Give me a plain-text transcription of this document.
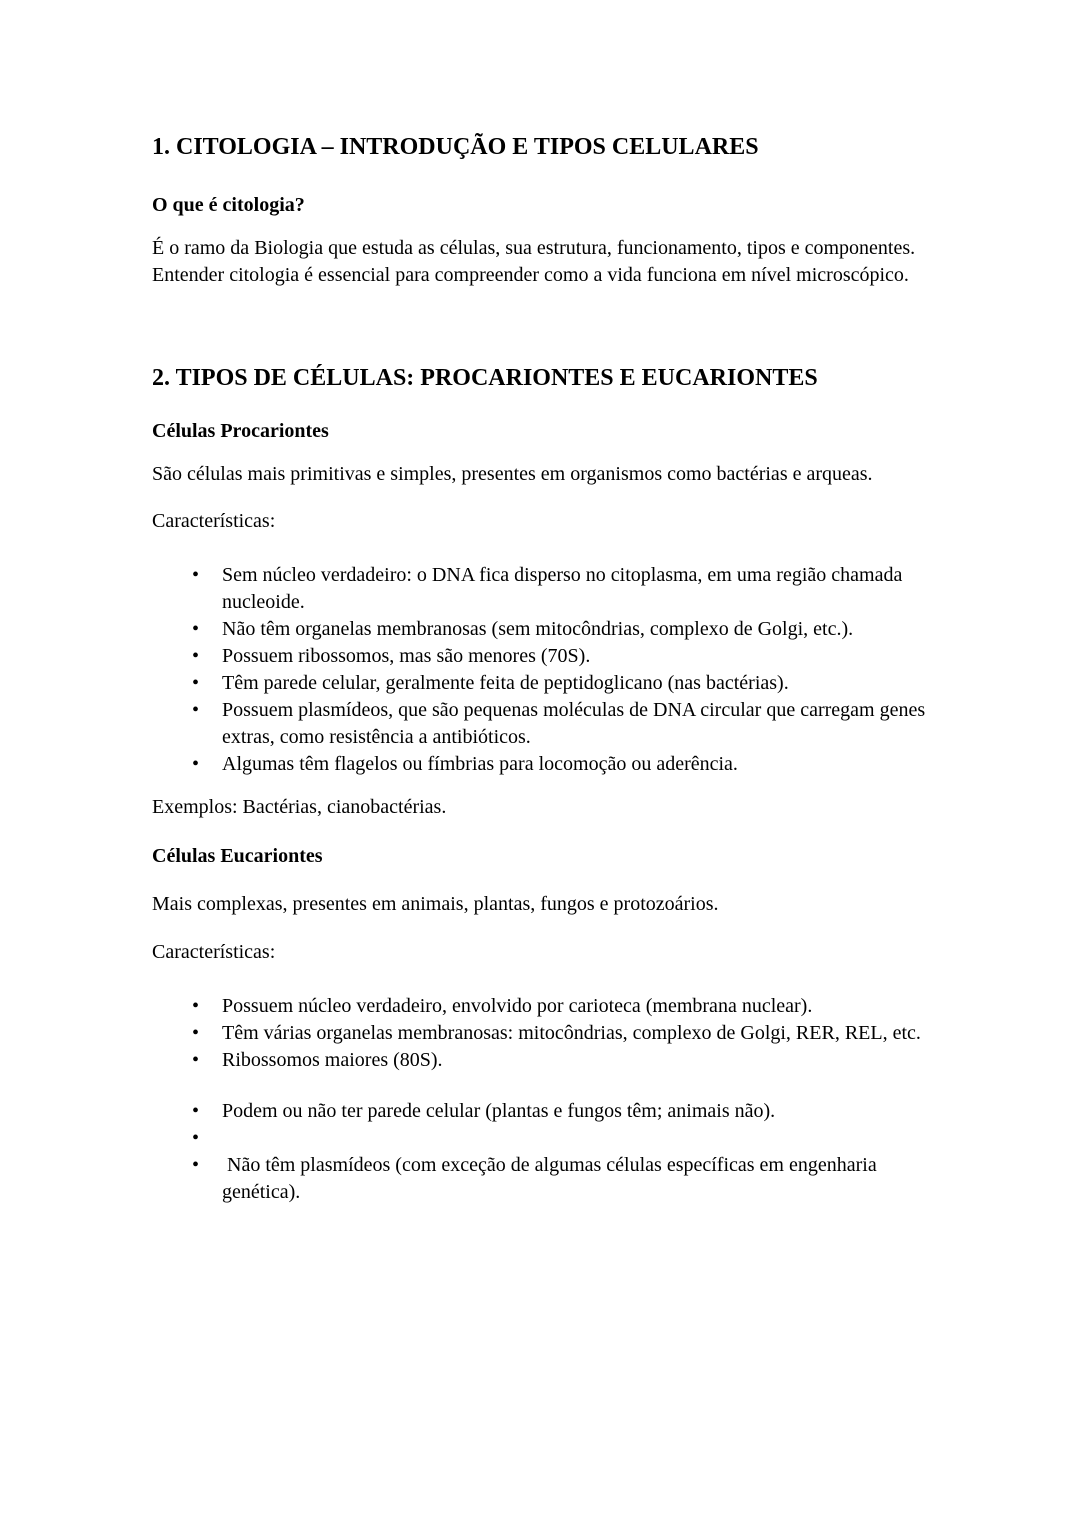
1. CITOLOGIA – INTRODUÇÃO E TIPOS CELULARES
O que é citologia?

É o ramo da Biologia que estuda as células, sua estrutura, funcionamento, tipos e componentes. Entender citologia é essencial para compreender como a vida funciona em nível microscópico.

2. TIPOS DE CÉLULAS: PROCARIONTES E EUCARIONTES
Células Procariontes

São células mais primitivas e simples, presentes em organismos como bactérias e arqueas.

Características:

• Sem núcleo verdadeiro: o DNA fica disperso no citoplasma, em uma região chamada nucleoide.
• Não têm organelas membranosas (sem mitocôndrias, complexo de Golgi, etc.).
• Possuem ribossomos, mas são menores (70S).
• Têm parede celular, geralmente feita de peptidoglicano (nas bactérias).
• Possuem plasmídeos, que são pequenas moléculas de DNA circular que carregam genes extras, como resistência a antibióticos.
• Algumas têm flagelos ou fímbrias para locomoção ou aderência.

Exemplos: Bactérias, cianobactérias.

Células Eucariontes

Mais complexas, presentes em animais, plantas, fungos e protozoários.

Características:

• Possuem núcleo verdadeiro, envolvido por carioteca (membrana nuclear).
• Têm várias organelas membranosas: mitocôndrias, complexo de Golgi, RER, REL, etc.
• Ribossomos maiores (80S).
• Podem ou não ter parede celular (plantas e fungos têm; animais não).
•
•  Não têm plasmídeos (com exceção de algumas células específicas em engenharia genética).
